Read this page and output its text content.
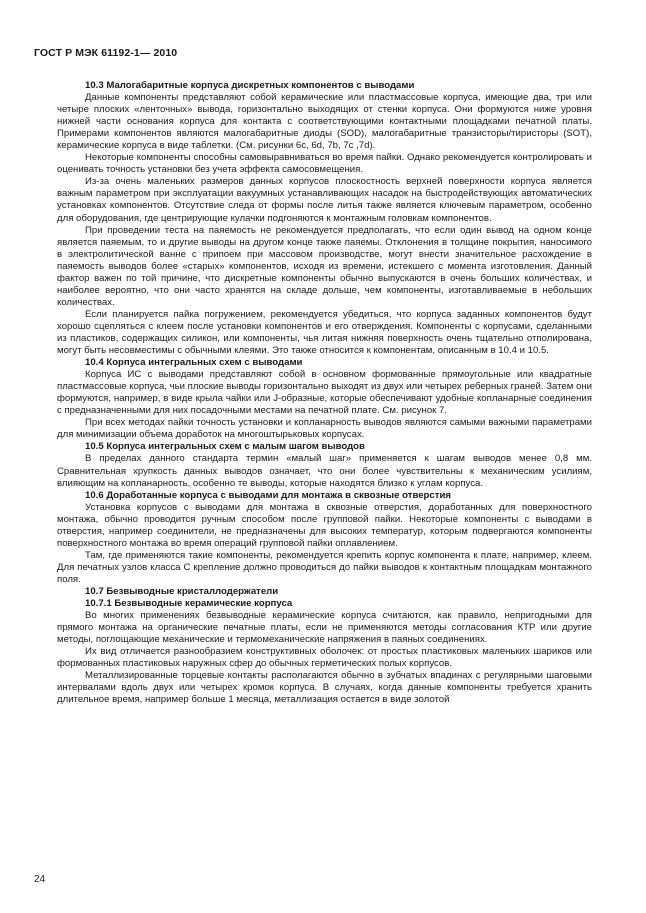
ГОСТ Р МЭК 61192-1— 2010
10.3 Малогабаритные корпуса дискретных компонентов с выводами

Данные компоненты представляют собой керамические или пластмассовые корпуса, имеющие два, три или четыре плоских «ленточных» вывода, горизонтально выходящих от стенки корпуса. Они формуются ниже уровня нижней части основания корпуса для контакта с соответствующими контактными площадками печатной платы. Примерами компонентов являются малогабаритные диоды (SOD), малогабаритные транзисторы/тиристоры (SOT), керамические корпуса в виде таблетки. (См. рисунки 6с, 6d, 7b, 7c ,7d).

Некоторые компоненты способны самовыравниваться во время пайки. Однако рекомендуется контролировать и оценивать точность установки без учета эффекта самосовмещения.

Из-за очень маленьких размеров данных корпусов плоскостность верхней поверхности корпуса является важным параметром при эксплуатации вакуумных устанавливающих насадок на быстродействующих автоматических установках компонентов. Отсутствие следа от формы после литья также является ключевым параметром, особенно для оборудования, где центрирующие кулачки подгоняются к монтажным головкам компонентов.

При проведении теста на паяемость не рекомендуется предполагать, что если один вывод на одном конце является паяемым, то и другие выводы на другом конце также паяемы. Отклонения в толщине покрытия, наносимого в электролитической ванне с припоем при массовом производстве, могут внести значительное расхождение в паяемость выводов более «старых» компонентов, исходя из времени, истекшего с момента изготовления. Данный фактор важен по той причине, что дискретные компоненты обычно выпускаются в очень больших количествах, и наиболее вероятно, что они часто хранятся на складе дольше, чем компоненты, изготавливаемые в небольших количествах.

Если планируется пайка погружением, рекомендуется убедиться, что корпуса заданных компонентов будут хорошо сцепляться с клеем после установки компонентов и его отверждения. Компоненты с корпусами, сделанными из пластиков, содержащих силикон, или компоненты, чья литая нижняя поверхность очень тщательно отполирована, могут быть несовместимы с обычными клеями. Это также относится к компонентам, описанным в 10.4 и 10.5.

10.4 Корпуса интегральных схем с выводами

Корпуса ИС с выводами представляют собой в основном формованные прямоугольные или квадратные пластмассовые корпуса, чьи плоские выводы горизонтально выходят из двух или четырех реберных граней. Затем они формуются, например, в виде крыла чайки или J-образные, которые обеспечивают удобные копланарные соединения с предназначенными для них посадочными местами на печатной плате. См. рисунок 7.

При всех методах пайки точность установки и копланарность выводов являются самыми важными параметрами для минимизации объема доработок на многоштырьковых корпусах.

10.5 Корпуса интегральных схем с малым шагом выводов

В пределах данного стандарта термин «малый шаг» применяется к шагам выводов менее 0,8 мм. Сравнительная хрупкость данных выводов означает, что они более чувствительны к механическим усилиям, влияющим на копланарность, особенно те выводы, которые находятся близко к углам корпуса.

10.6 Доработанные корпуса с выводами для монтажа в сквозные отверстия

Установка корпусов с выводами для монтажа в сквозные отверстия, доработанных для поверхностного монтажа, обычно проводится ручным способом после групповой пайки. Некоторые компоненты с выводами в отверстия, например соединители, не предназначены для высоких температур, которым подвергаются компоненты поверхностного монтажа во время операций групповой пайки оплавлением.

Там, где применяются такие компоненты, рекомендуется крепить корпус компонента к плате, например, клеем. Для печатных узлов класса С крепление должно проводиться до пайки выводов к контактным площадкам монтажного поля.

10.7 Безвыводные кристаллодержатели
10.7.1 Безвыводные керамические корпуса

Во многих применениях безвыводные керамические корпуса считаются, как правило, непригодными для прямого монтажа на органические печатные платы, если не применяются методы согласования КТР или другие методы, поглощающие механические и термомеханические напряжения в паяных соединениях.

Их вид отличается разнообразием конструктивных оболочек: от простых пластиковых маленьких шариков или формованных пластиковых наружных сфер до обычных герметических полых корпусов.

Металлизированные торцевые контакты располагаются обычно в зубчатых впадинах с регулярными шаговыми интервалами вдоль двух или четырех кромок корпуса. В случаях, когда данные компоненты требуется хранить длительное время, например больше 1 месяца, металлизация остается в виде золотой

24
